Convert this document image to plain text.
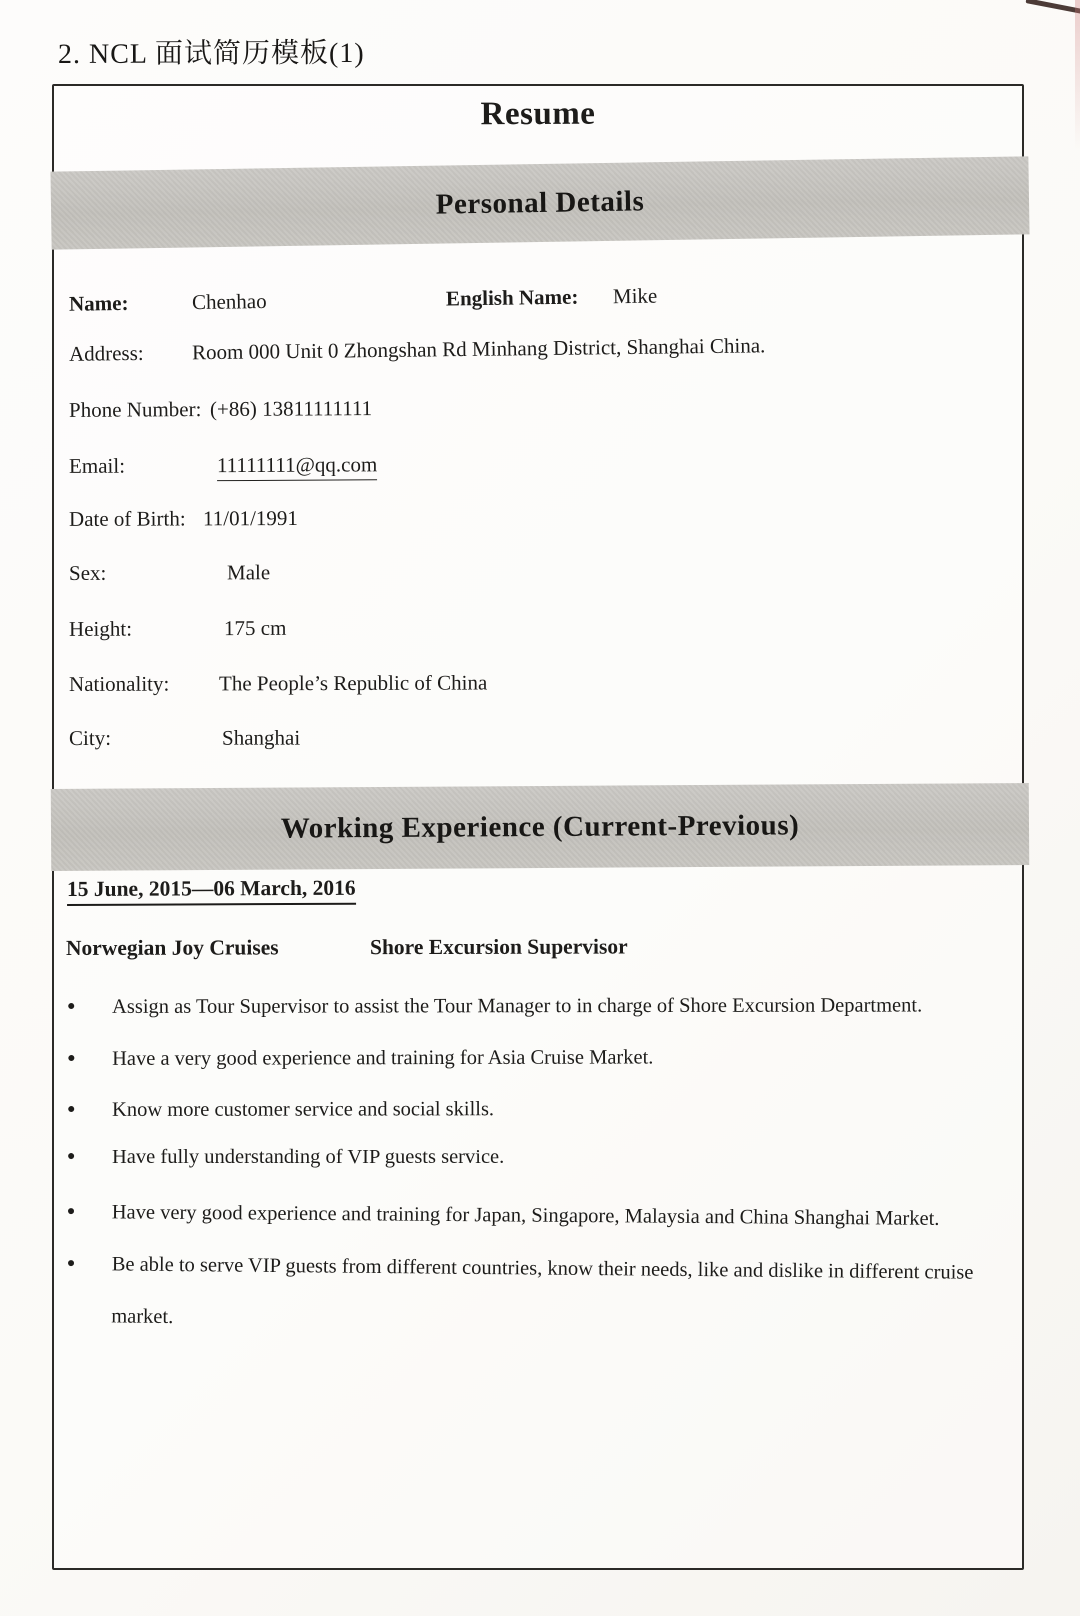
2. NCL 面试简历模板(1)
Resume
Personal Details
Name:	Chenhao	English Name: Mike
Address: Room 000 Unit 0 Zhongshan Rd Minhang District, Shanghai China.
Phone Number: (+86) 13811111111
Email:	11111111@qq.com
Date of Birth: 11/01/1991
Sex:	Male
Height:	175 cm
Nationality: The People’s Republic of China
City:	Shanghai
Working Experience (Current-Previous)
15 June, 2015—06 March, 2016
Norwegian Joy Cruises	Shore Excursion Supervisor
● Assign as Tour Supervisor to assist the Tour Manager to in charge of Shore Excursion Department.
● Have a very good experience and training for Asia Cruise Market.
● Know more customer service and social skills.
● Have fully understanding of VIP guests service.
● Have very good experience and training for Japan, Singapore, Malaysia and China Shanghai Market.
● Be able to serve VIP guests from different countries, know their needs, like and dislike in different cruise market.
